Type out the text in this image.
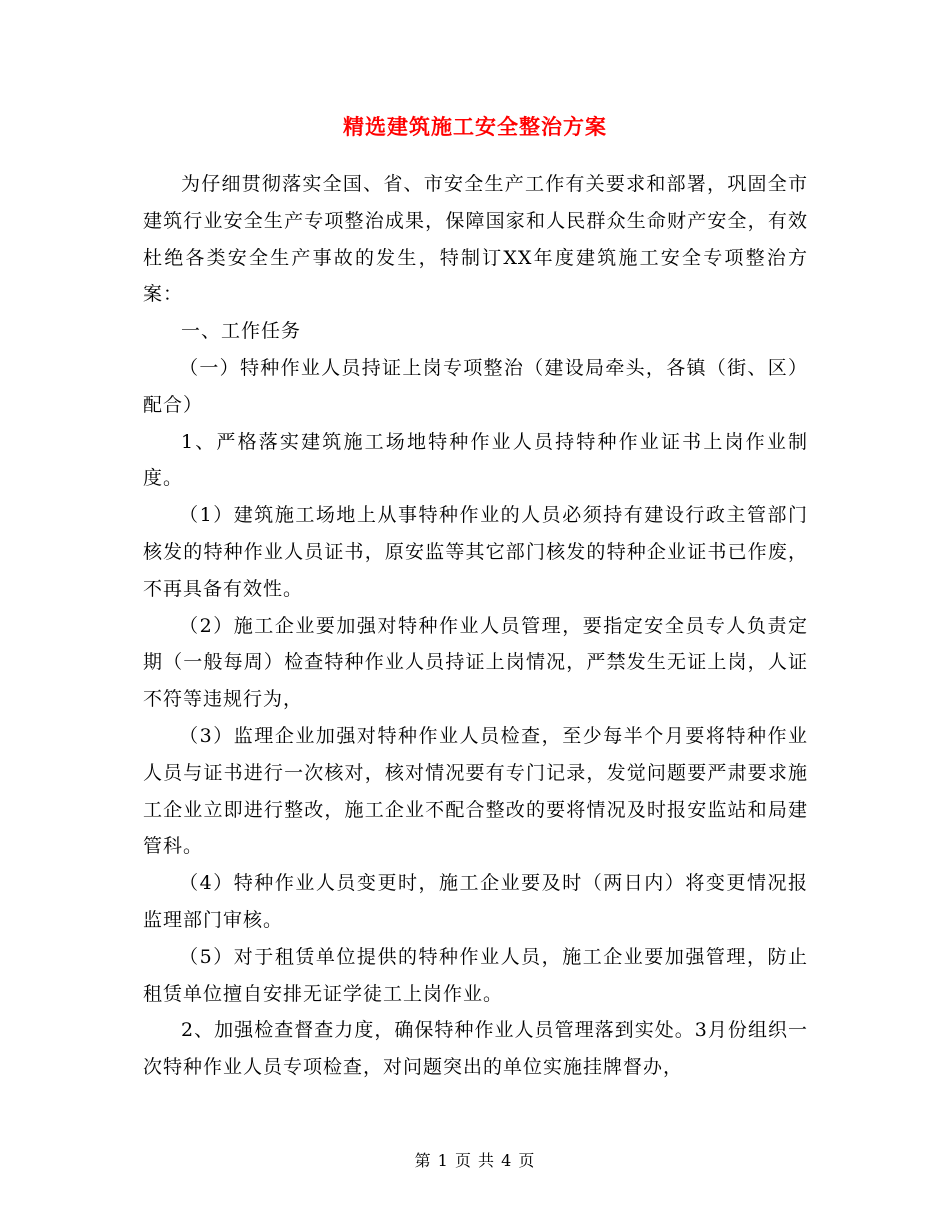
精选建筑施工安全整治方案

为仔细贯彻落实全国、省、市安全生产工作有关要求和部署，巩固全市建筑行业安全生产专项整治成果，保障国家和人民群众生命财产安全，有效杜绝各类安全生产事故的发生，特制订XX年度建筑施工安全专项整治方案：

一、工作任务

（一）特种作业人员持证上岗专项整治（建设局牵头，各镇（街、区）配合）

1、严格落实建筑施工场地特种作业人员持特种作业证书上岗作业制度。

（1）建筑施工场地上从事特种作业的人员必须持有建设行政主管部门核发的特种作业人员证书，原安监等其它部门核发的特种企业证书已作废，不再具备有效性。

（2）施工企业要加强对特种作业人员管理，要指定安全员专人负责定期（一般每周）检查特种作业人员持证上岗情况，严禁发生无证上岗，人证不符等违规行为，

（3）监理企业加强对特种作业人员检查，至少每半个月要将特种作业人员与证书进行一次核对，核对情况要有专门记录，发觉问题要严肃要求施工企业立即进行整改，施工企业不配合整改的要将情况及时报安监站和局建管科。

（4）特种作业人员变更时，施工企业要及时（两日内）将变更情况报监理部门审核。

（5）对于租赁单位提供的特种作业人员，施工企业要加强管理，防止租赁单位擅自安排无证学徒工上岗作业。

2、加强检查督查力度，确保特种作业人员管理落到实处。3月份组织一次特种作业人员专项检查，对问题突出的单位实施挂牌督办，

第 1 页 共 4 页
